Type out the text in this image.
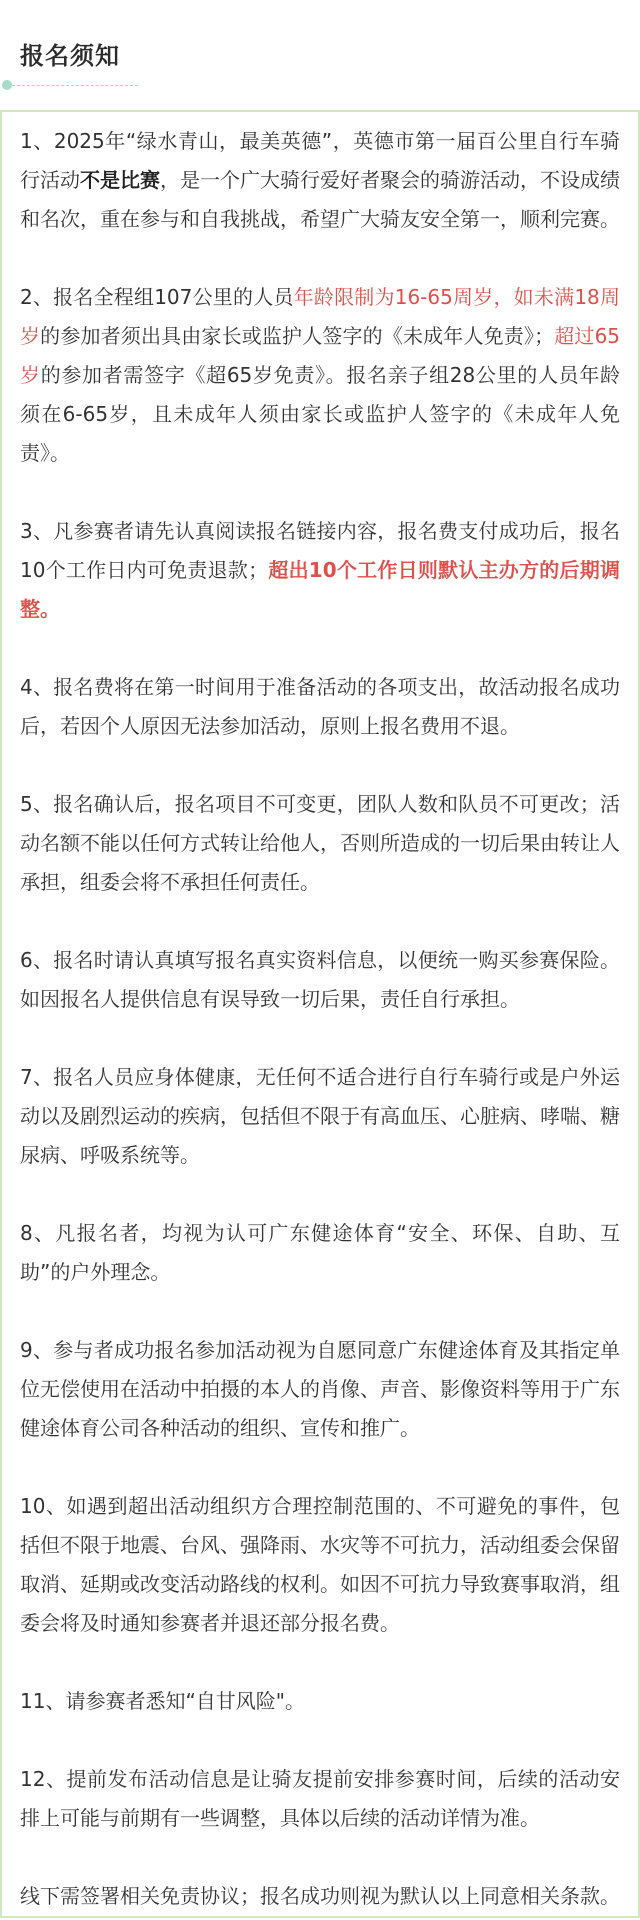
报名须知

1、2025年“绿水青山，最美英德”，英德市第一届百公里自行车骑行活动不是比赛，是一个广大骑行爱好者聚会的骑游活动，不设成绩和名次，重在参与和自我挑战，希望广大骑友安全第一，顺利完赛。

2、报名全程组107公里的人员年龄限制为16-65周岁，如未满18周岁的参加者须出具由家长或监护人签字的《未成年人免责》；超过65岁的参加者需签字《超65岁免责》。报名亲子组28公里的人员年龄须在6-65岁，且未成年人须由家长或监护人签字的《未成年人免责》。

3、凡参赛者请先认真阅读报名链接内容，报名费支付成功后，报名10个工作日内可免责退款；超出10个工作日则默认主办方的后期调整。

4、报名费将在第一时间用于准备活动的各项支出，故活动报名成功后，若因个人原因无法参加活动，原则上报名费用不退。

5、报名确认后，报名项目不可变更，团队人数和队员不可更改；活动名额不能以任何方式转让给他人，否则所造成的一切后果由转让人承担，组委会将不承担任何责任。

6、报名时请认真填写报名真实资料信息，以便统一购买参赛保险。如因报名人提供信息有误导致一切后果，责任自行承担。

7、报名人员应身体健康，无任何不适合进行自行车骑行或是户外运动以及剧烈运动的疾病，包括但不限于有高血压、心脏病、哮喘、糖尿病、呼吸系统等。

8、凡报名者，均视为认可广东健途体育“安全、环保、自助、互助”的户外理念。

9、参与者成功报名参加活动视为自愿同意广东健途体育及其指定单位无偿使用在活动中拍摄的本人的肖像、声音、影像资料等用于广东健途体育公司各种活动的组织、宣传和推广。

10、如遇到超出活动组织方合理控制范围的、不可避免的事件，包括但不限于地震、台风、强降雨、水灾等不可抗力，活动组委会保留取消、延期或改变活动路线的权利。如因不可抗力导致赛事取消，组委会将及时通知参赛者并退还部分报名费。

11、请参赛者悉知“自甘风险"。

12、提前发布活动信息是让骑友提前安排参赛时间，后续的活动安排上可能与前期有一些调整，具体以后续的活动详情为准。

线下需签署相关免责协议；报名成功则视为默认以上同意相关条款。
